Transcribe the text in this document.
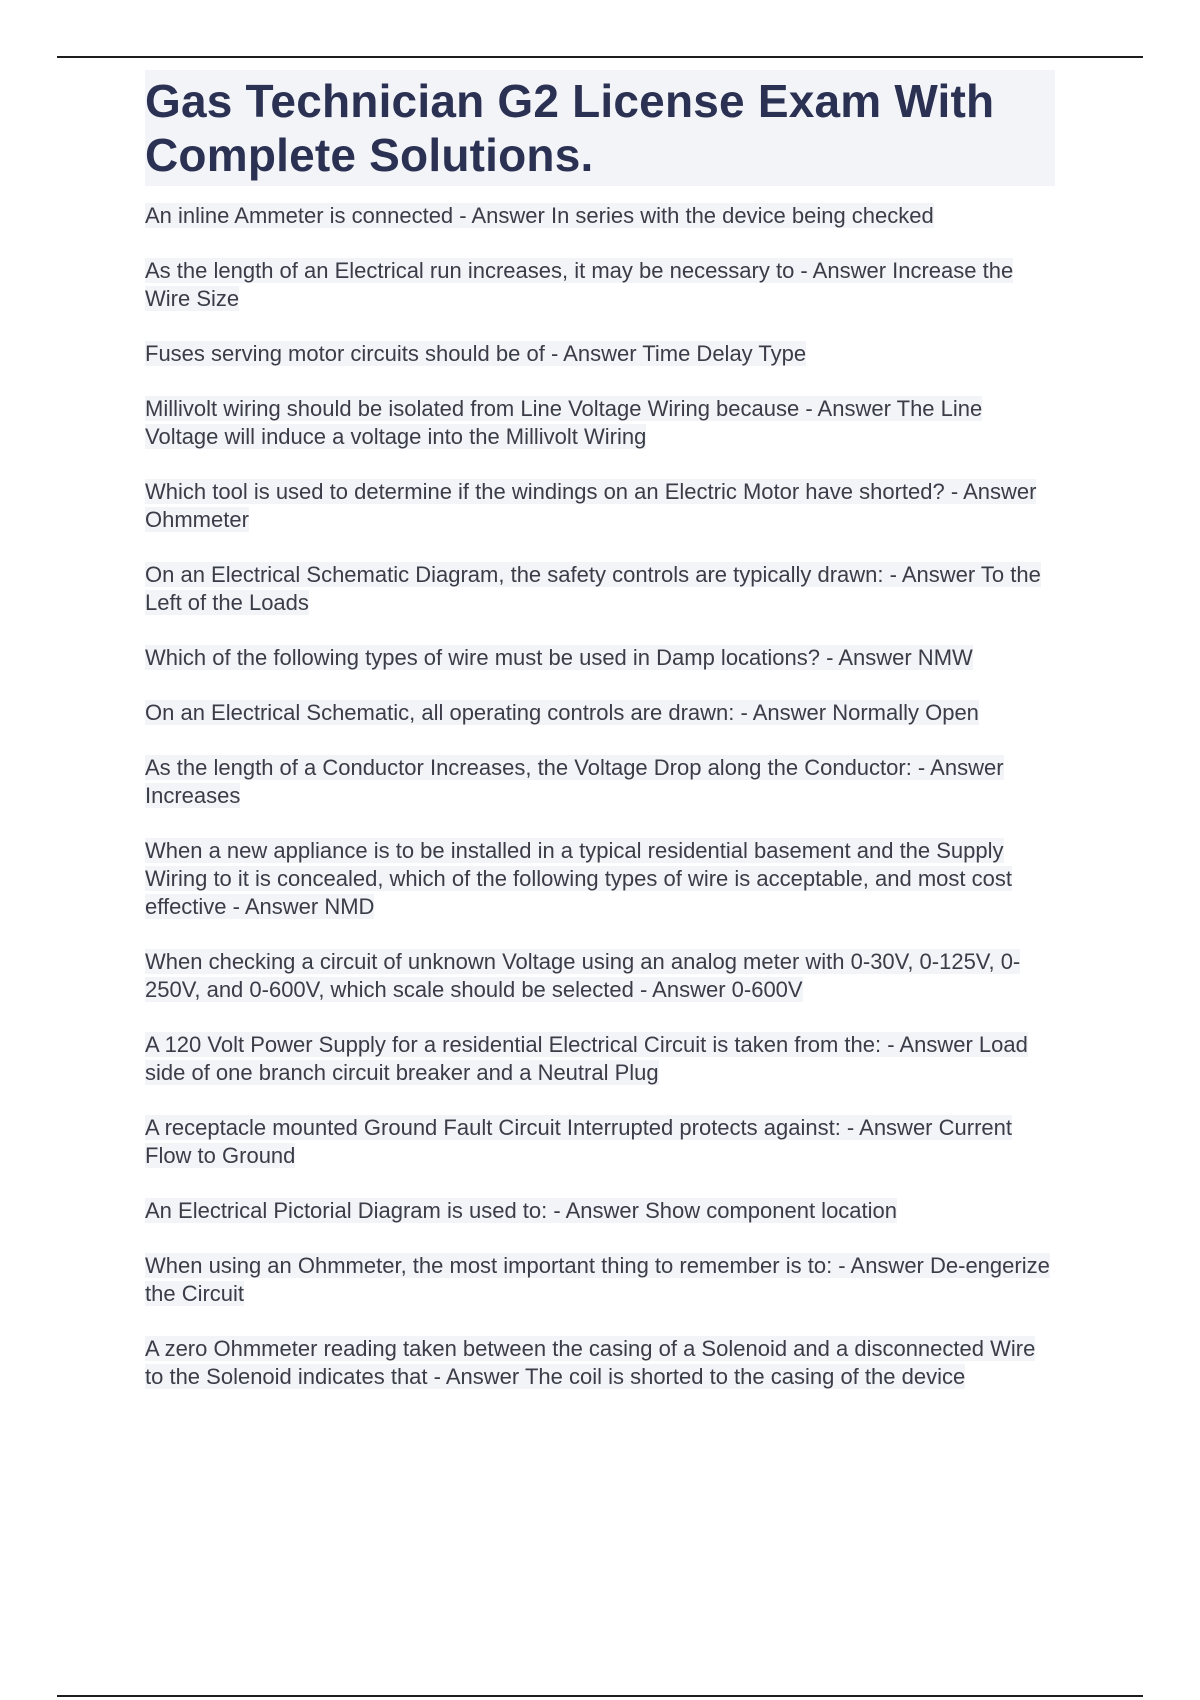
Gas Technician G2 License Exam With Complete Solutions.
An inline Ammeter is connected - Answer In series with the device being checked
As the length of an Electrical run increases, it may be necessary to - Answer Increase the Wire Size
Fuses serving motor circuits should be of - Answer Time Delay Type
Millivolt wiring should be isolated from Line Voltage Wiring because - Answer The Line Voltage will induce a voltage into the Millivolt Wiring
Which tool is used to determine if the windings on an Electric Motor have shorted? - Answer Ohmmeter
On an Electrical Schematic Diagram, the safety controls are typically drawn: - Answer To the Left of the Loads
Which of the following types of wire must be used in Damp locations? - Answer NMW
On an Electrical Schematic, all operating controls are drawn: - Answer Normally Open
As the length of a Conductor Increases, the Voltage Drop along the Conductor: - Answer Increases
When a new appliance is to be installed in a typical residential basement and the Supply Wiring to it is concealed, which of the following types of wire is acceptable, and most cost effective - Answer NMD
When checking a circuit of unknown Voltage using an analog meter with 0-30V, 0-125V, 0-250V, and 0-600V, which scale should be selected - Answer 0-600V
A 120 Volt Power Supply for a residential Electrical Circuit is taken from the: - Answer Load side of one branch circuit breaker and a Neutral Plug
A receptacle mounted Ground Fault Circuit Interrupted protects against: - Answer Current Flow to Ground
An Electrical Pictorial Diagram is used to: - Answer Show component location
When using an Ohmmeter, the most important thing to remember is to: - Answer De-engerize the Circuit
A zero Ohmmeter reading taken between the casing of a Solenoid and a disconnected Wire to the Solenoid indicates that - Answer The coil is shorted to the casing of the device
